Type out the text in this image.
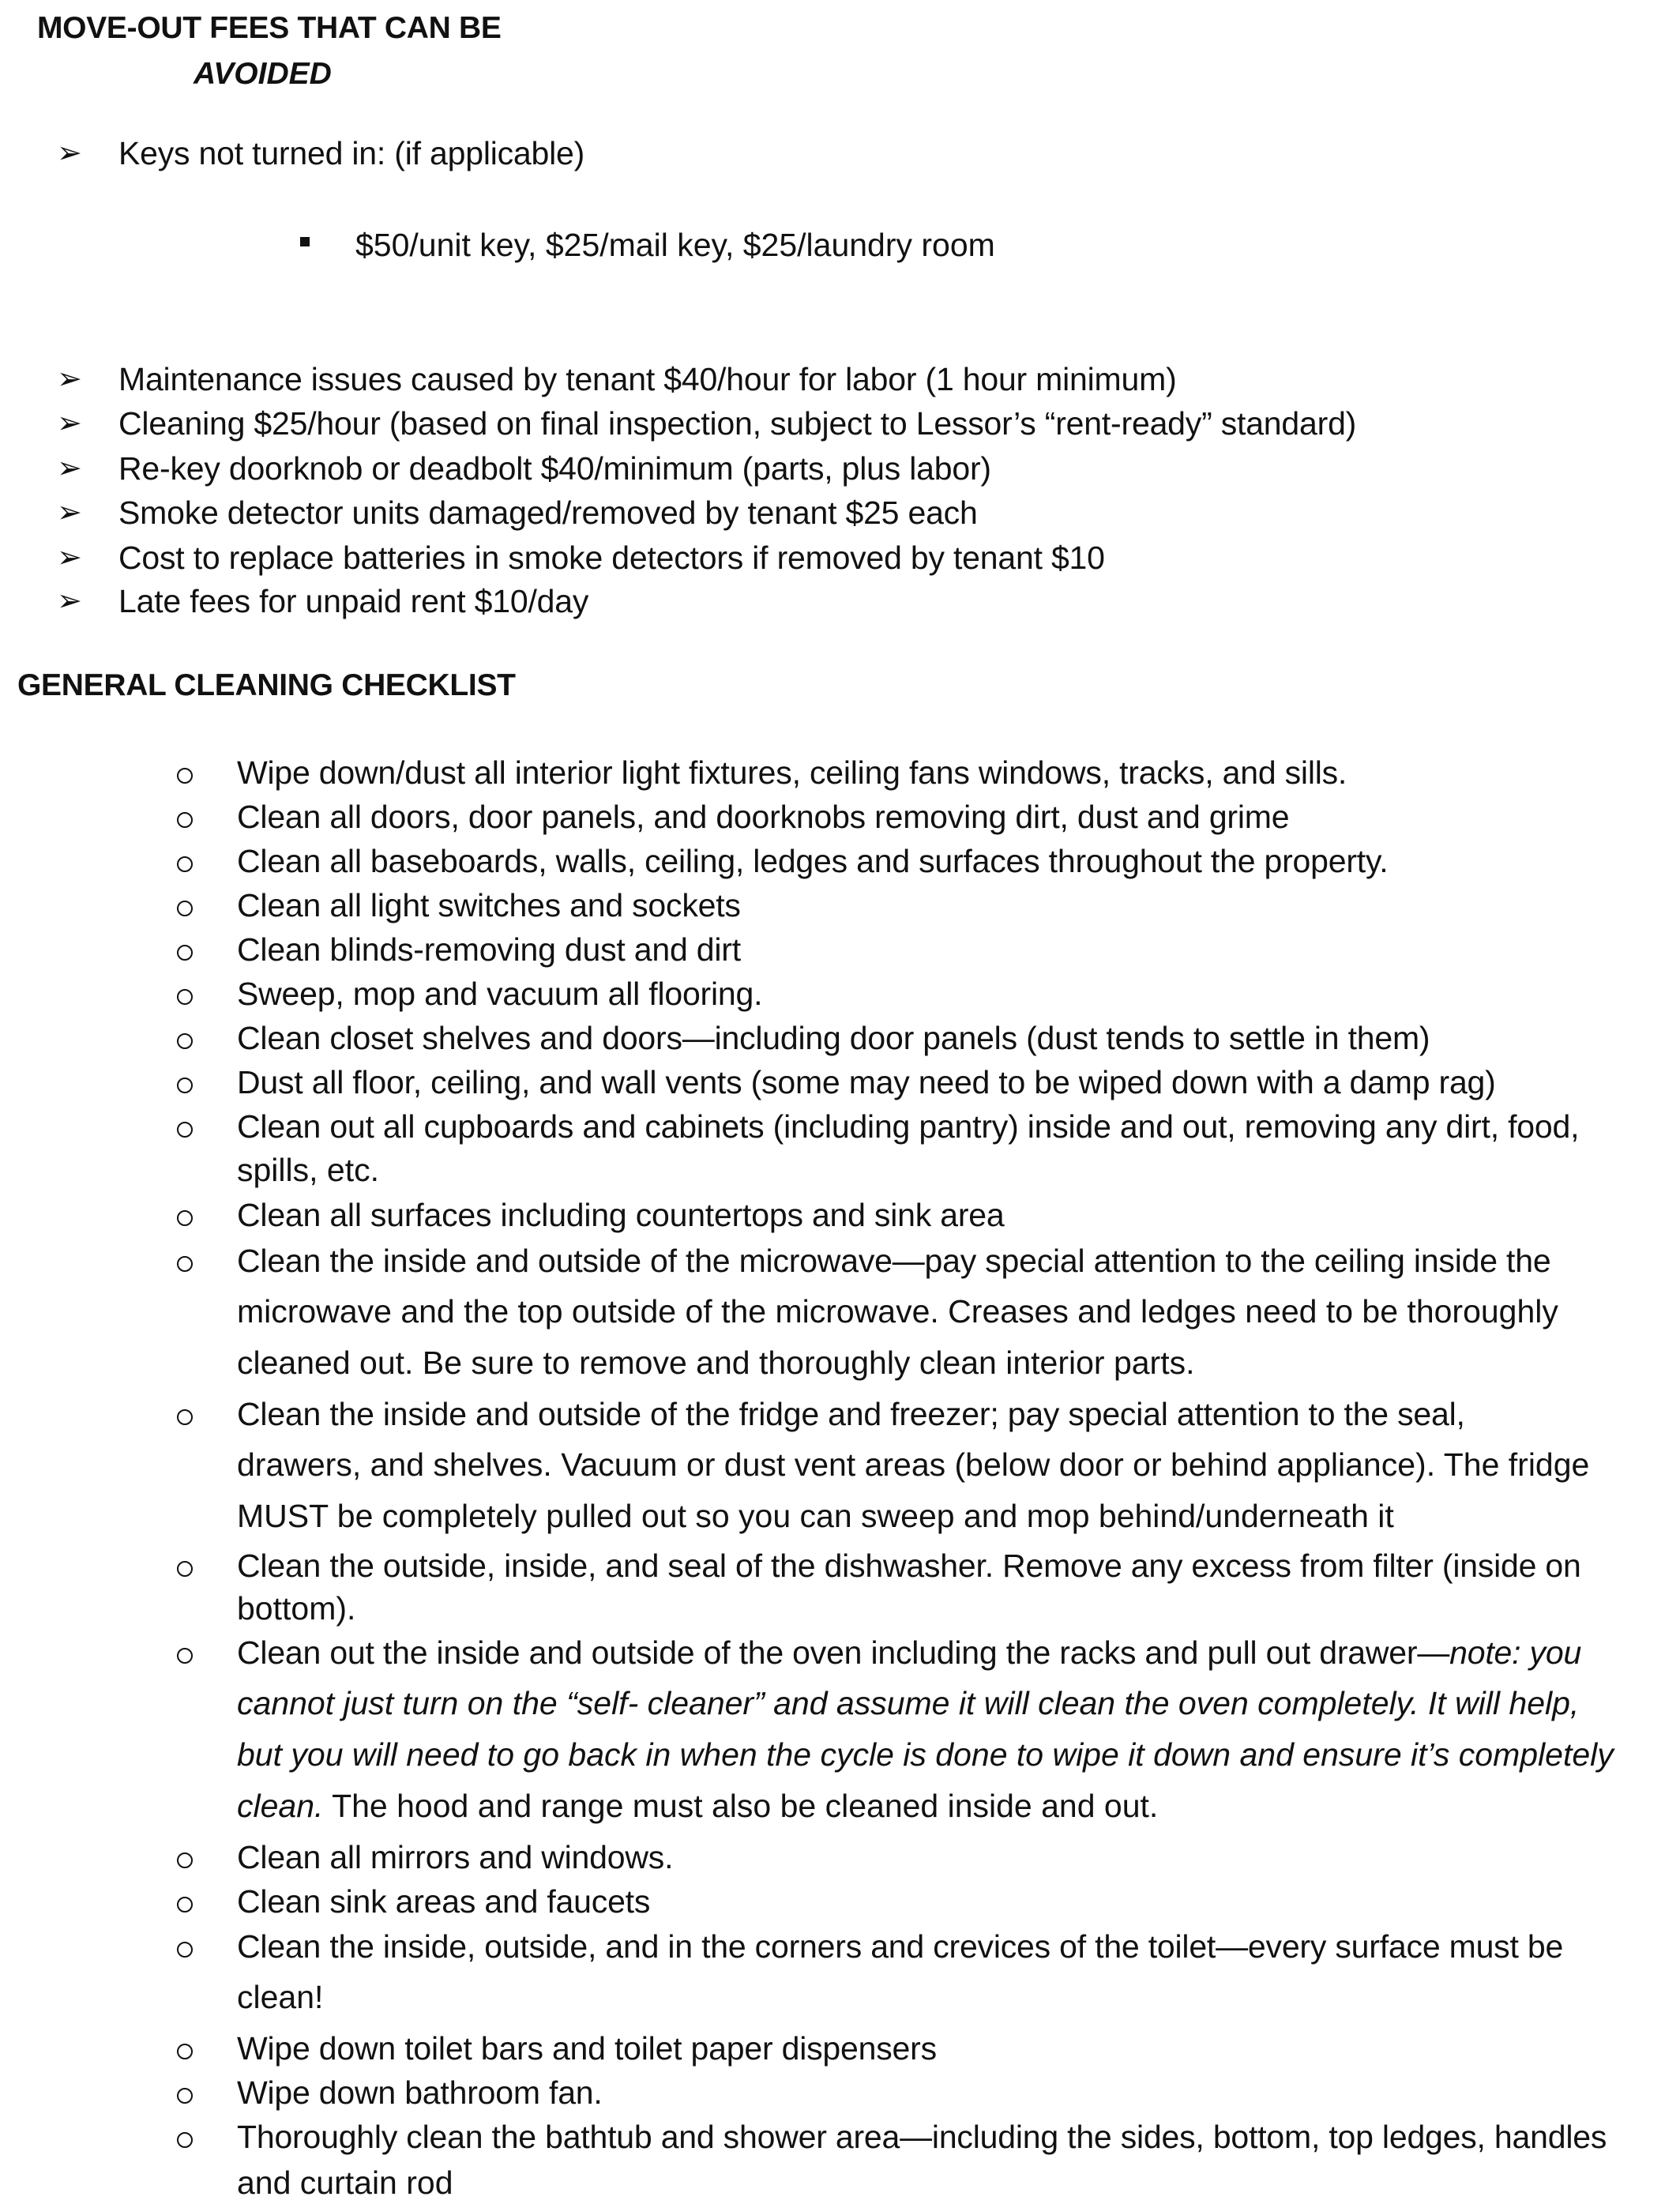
MOVE-OUT FEES THAT CAN BE
AVOIDED
➢ Keys not turned in: (if applicable)
$50/unit key, $25/mail key, $25/laundry room
➢ Maintenance issues caused by tenant $40/hour for labor (1 hour minimum)
➢ Cleaning $25/hour (based on final inspection, subject to Lessor’s “rent-ready” standard)
➢ Re-key doorknob or deadbolt $40/minimum (parts, plus labor)
➢ Smoke detector units damaged/removed by tenant $25 each
➢ Cost to replace batteries in smoke detectors if removed by tenant $10
➢ Late fees for unpaid rent $10/day
GENERAL CLEANING CHECKLIST
Wipe down/dust all interior light fixtures, ceiling fans windows, tracks, and sills.
Clean all doors, door panels, and doorknobs removing dirt, dust and grime
Clean all baseboards, walls, ceiling, ledges and surfaces throughout the property.
Clean all light switches and sockets
Clean blinds-removing dust and dirt
Sweep, mop and vacuum all flooring.
Clean closet shelves and doors—including door panels (dust tends to settle in them)
Dust all floor, ceiling, and wall vents (some may need to be wiped down with a damp rag)
Clean out all cupboards and cabinets (including pantry) inside and out, removing any dirt, food,
spills, etc.
Clean all surfaces including countertops and sink area
Clean the inside and outside of the microwave—pay special attention to the ceiling inside the
microwave and the top outside of the microwave. Creases and ledges need to be thoroughly
cleaned out. Be sure to remove and thoroughly clean interior parts.
Clean the inside and outside of the fridge and freezer; pay special attention to the seal,
drawers, and shelves. Vacuum or dust vent areas (below door or behind appliance). The fridge
MUST be completely pulled out so you can sweep and mop behind/underneath it
Clean the outside, inside, and seal of the dishwasher. Remove any excess from filter (inside on
bottom).
Clean out the inside and outside of the oven including the racks and pull out drawer—note: you
cannot just turn on the “self- cleaner” and assume it will clean the oven completely. It will help,
but you will need to go back in when the cycle is done to wipe it down and ensure it’s completely
clean. The hood and range must also be cleaned inside and out.
Clean all mirrors and windows.
Clean sink areas and faucets
Clean the inside, outside, and in the corners and crevices of the toilet—every surface must be
clean!
Wipe down toilet bars and toilet paper dispensers
Wipe down bathroom fan.
Thoroughly clean the bathtub and shower area—including the sides, bottom, top ledges, handles
and curtain rod
